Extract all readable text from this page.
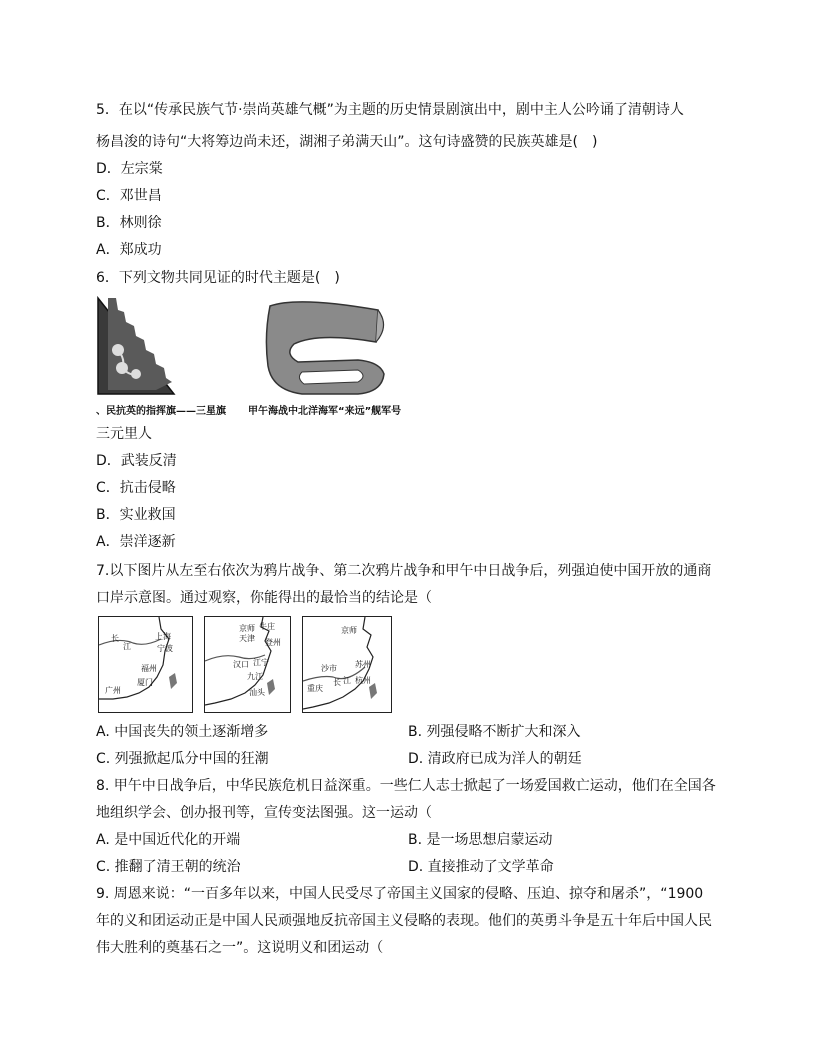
5．在以“传承民族气节·崇尚英雄气概”为主题的历史情景剧演出中，剧中主人公吟诵了清朝诗人
杨昌浚的诗句“大将筹边尚未还，湖湘子弟满天山”。这句诗盛赞的民族英雄是(　)
D．左宗棠
C．邓世昌
B．林则徐
A．郑成功
6．下列文物共同见证的时代主题是(　)
、民抗英的指挥旗——三星旗 甲午海战中北洋海军“来远”舰军号
三元里人
D．武装反清
C．抗击侵略
B．实业救国
A．崇洋逐新
7.以下图片从左至右依次为鸦片战争、第二次鸦片战争和甲午中日战争后，列强迫使中国开放的通商
口岸示意图。通过观察，你能得出的最恰当的结论是（
长
江
上海
宁波
福州
厦门
广州
京师
天津 登州
牛庄
汉口
九江
江宁
汕头
京师
沙市 苏州
重庆
长 江 杭州
A. 中国丧失的领土逐渐增多	B. 列强侵略不断扩大和深入
C. 列强掀起瓜分中国的狂潮	D. 清政府已成为洋人的朝廷
8. 甲午中日战争后，中华民族危机日益深重。一些仁人志士掀起了一场爱国救亡运动，他们在全国各
地组织学会、创办报刊等，宣传变法图强。这一运动（
A. 是中国近代化的开端	B. 是一场思想启蒙运动
C. 推翻了清王朝的统治	D. 直接推动了文学革命
9. 周恩来说：“一百多年以来，中国人民受尽了帝国主义国家的侵略、压迫、掠夺和屠杀”，“1900
年的义和团运动正是中国人民顽强地反抗帝国主义侵略的表现。他们的英勇斗争是五十年后中国人民
伟大胜利的奠基石之一”。这说明义和团运动（
